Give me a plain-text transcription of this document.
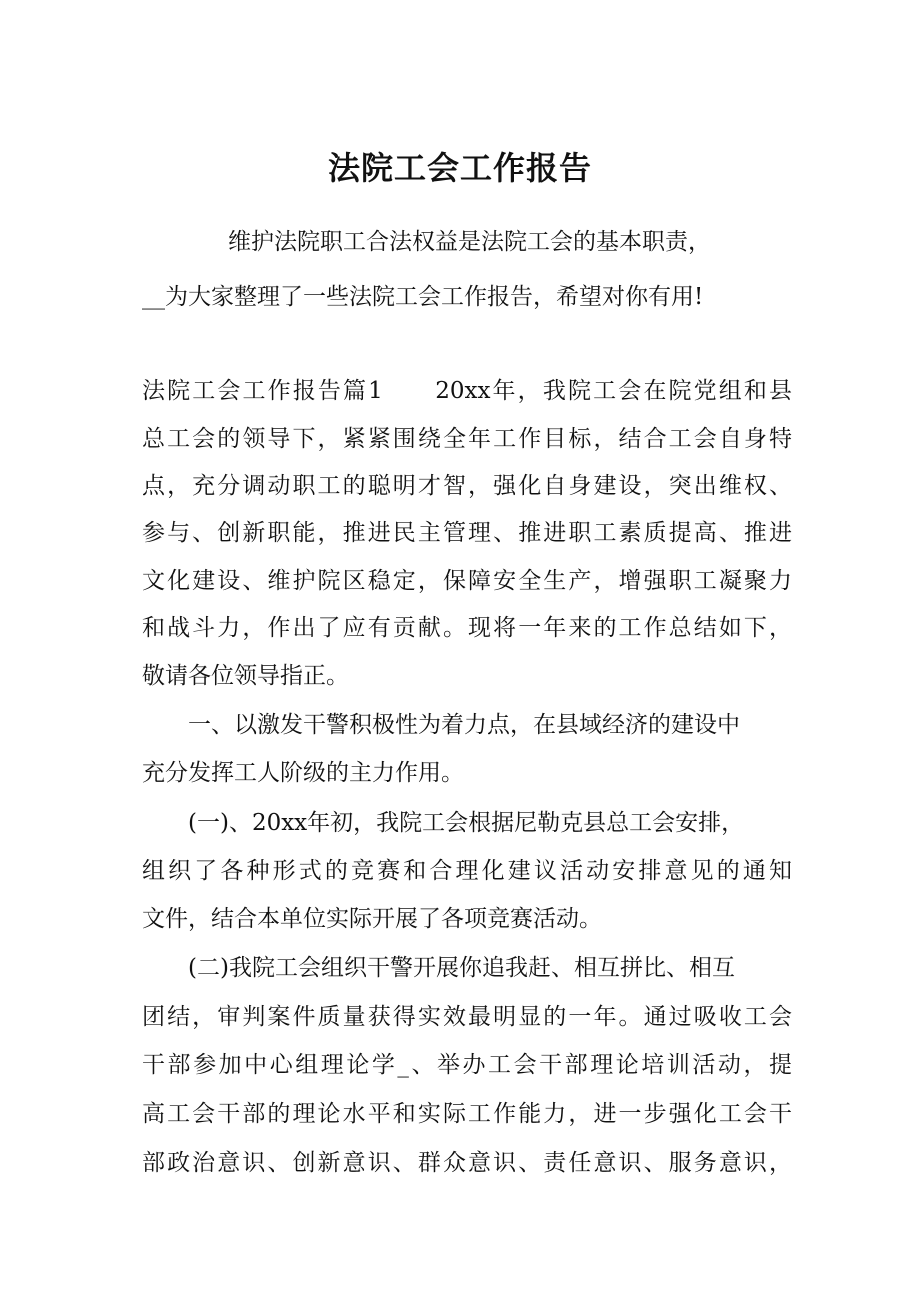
法院工会工作报告
维护法院职工合法权益是法院工会的基本职责，
__为大家整理了一些法院工会工作报告，希望对你有用!
法院工会工作报告篇1　　20xx年，我院工会在院党组和县
总工会的领导下，紧紧围绕全年工作目标，结合工会自身特
点，充分调动职工的聪明才智，强化自身建设，突出维权、
参与、创新职能，推进民主管理、推进职工素质提高、推进
文化建设、维护院区稳定，保障安全生产，增强职工凝聚力
和战斗力，作出了应有贡献。现将一年来的工作总结如下，
敬请各位领导指正。
一、以激发干警积极性为着力点，在县域经济的建设中
充分发挥工人阶级的主力作用。
(一)、20xx年初，我院工会根据尼勒克县总工会安排，
组织了各种形式的竞赛和合理化建议活动安排意见的通知
文件，结合本单位实际开展了各项竞赛活动。
(二)我院工会组织干警开展你追我赶、相互拼比、相互
团结，审判案件质量获得实效最明显的一年。通过吸收工会
干部参加中心组理论学_、举办工会干部理论培训活动，提
高工会干部的理论水平和实际工作能力，进一步强化工会干
部政治意识、创新意识、群众意识、责任意识、服务意识，
